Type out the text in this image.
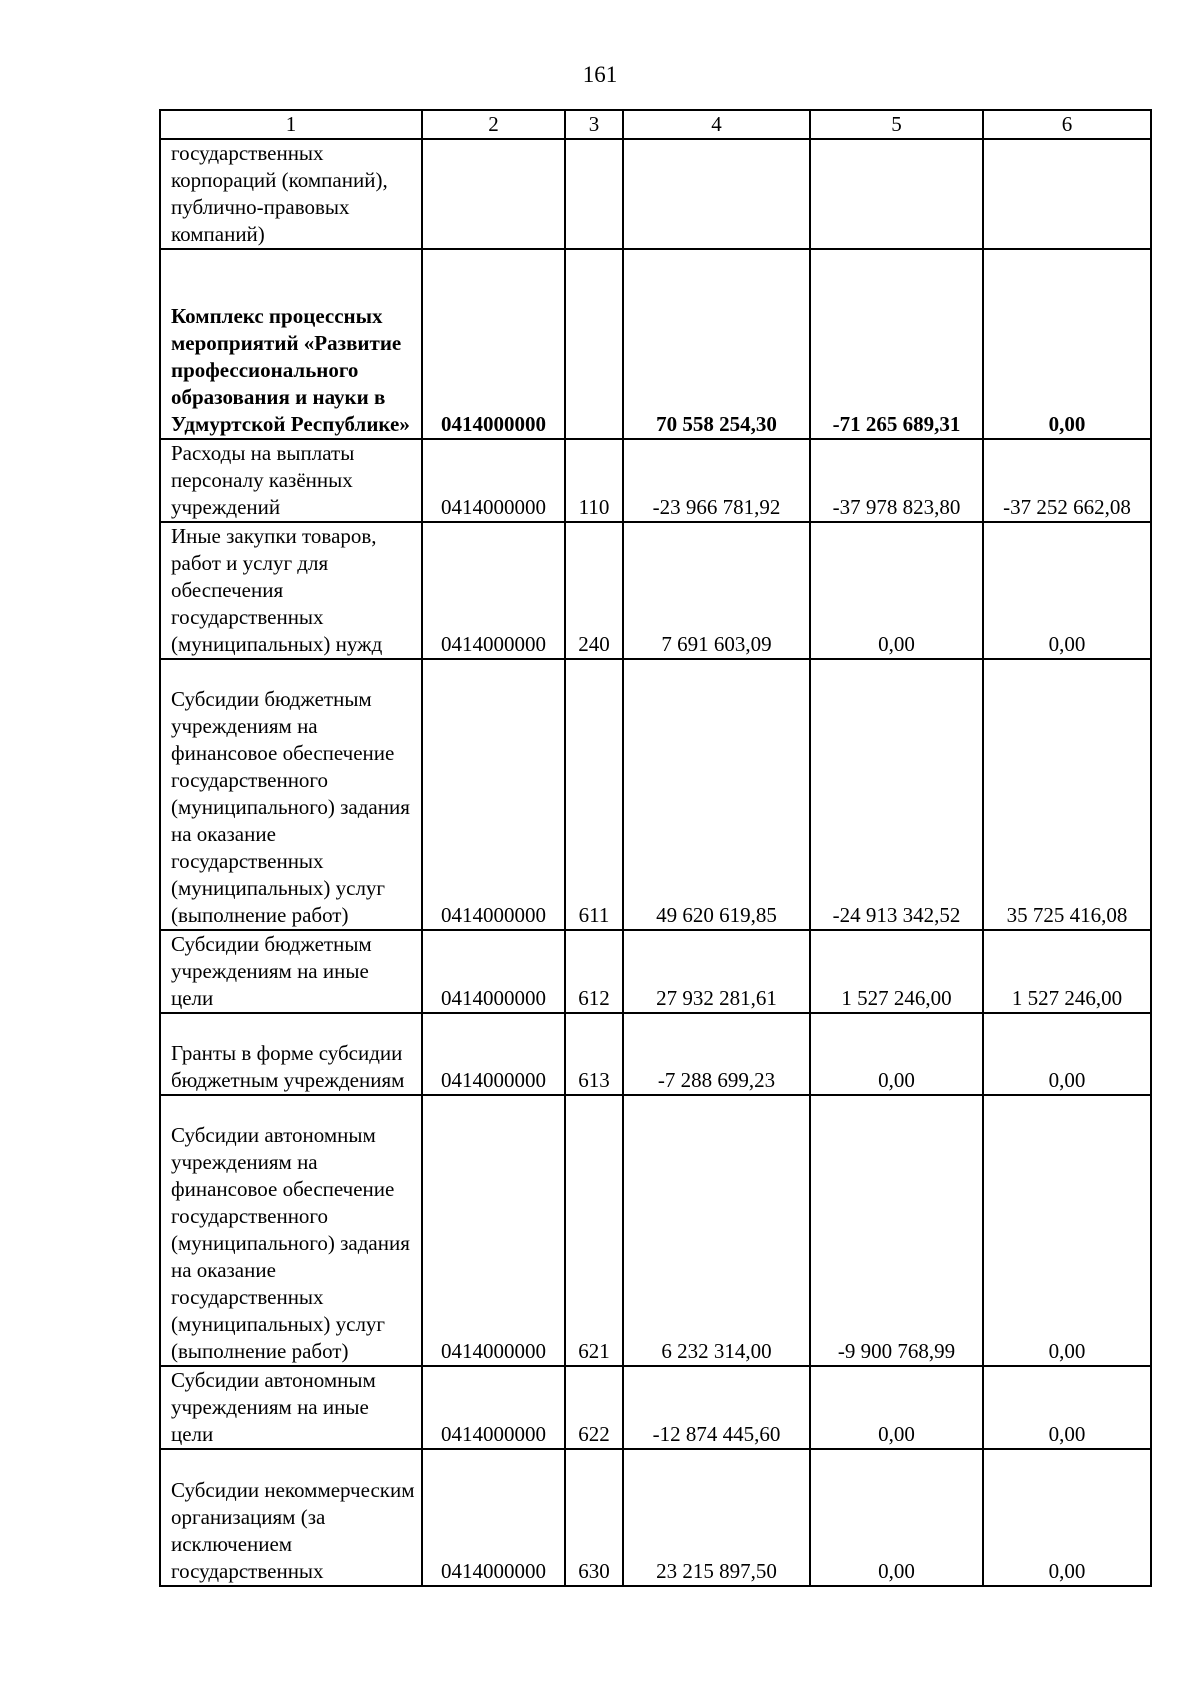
161
1	2	3	4	5	6
государственных корпораций (компаний), публично-правовых компаний)					
Комплекс процессных мероприятий «Развитие профессионального образования и науки в Удмуртской Республике»	0414000000		70 558 254,30	-71 265 689,31	0,00
Расходы на выплаты персоналу казённых учреждений	0414000000	110	-23 966 781,92	-37 978 823,80	-37 252 662,08
Иные закупки товаров, работ и услуг для обеспечения государственных (муниципальных) нужд	0414000000	240	7 691 603,09	0,00	0,00
Субсидии бюджетным учреждениям на финансовое обеспечение государственного (муниципального) задания на оказание государственных (муниципальных) услуг (выполнение работ)	0414000000	611	49 620 619,85	-24 913 342,52	35 725 416,08
Субсидии бюджетным учреждениям на иные цели	0414000000	612	27 932 281,61	1 527 246,00	1 527 246,00
Гранты в форме субсидии бюджетным учреждениям	0414000000	613	-7 288 699,23	0,00	0,00
Субсидии автономным учреждениям на финансовое обеспечение государственного (муниципального) задания на оказание государственных (муниципальных) услуг (выполнение работ)	0414000000	621	6 232 314,00	-9 900 768,99	0,00
Субсидии автономным учреждениям на иные цели	0414000000	622	-12 874 445,60	0,00	0,00
Субсидии некоммерческим организациям (за исключением государственных	0414000000	630	23 215 897,50	0,00	0,00
